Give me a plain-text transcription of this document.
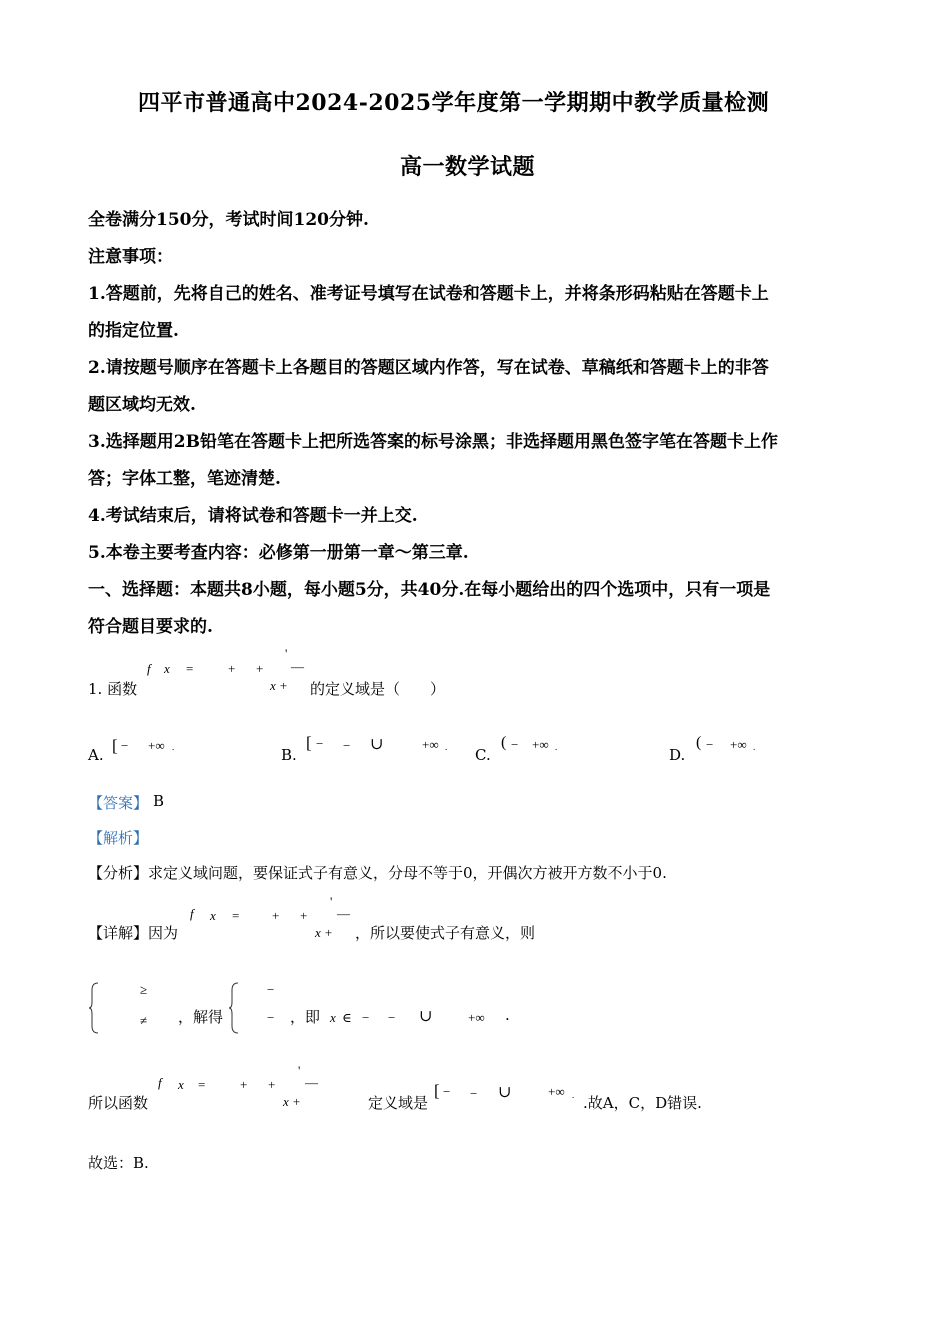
四平市普通高中2024-2025学年度第一学期期中教学质量检测
高一数学试题
全卷满分150分，考试时间120分钟.
注意事项：
1.答题前，先将自己的姓名、准考证号填写在试卷和答题卡上，并将条形码粘贴在答题卡上
的指定位置.
2.请按题号顺序在答题卡上各题目的答题区域内作答，写在试卷、草稿纸和答题卡上的非答
题区域均无效.
3.选择题用2B铅笔在答题卡上把所选答案的标号涂黑；非选择题用黑色签字笔在答题卡上作
答；字体工整，笔迹清楚.
4.考试结束后，请将试卷和答题卡一并上交.
5.本卷主要考查内容：必修第一册第一章～第三章.
一、选择题：本题共8小题，每小题5分，共40分.在每小题给出的四个选项中，只有一项是
符合题目要求的.
1. 函数
f x =	+ +
'
—
x + 的定义域是（　　）
A. [ − +∞ .	B.
[ − − ∪	+∞ . C.
( − +∞ .	D.
( − +∞ .
【答案】 B
【解析】
【分析】求定义域问题，要保证式子有意义，分母不等于0，开偶次方被开方数不小于0.
【详解】因为
f x =	+ +
'
—
x + ，所以要使式子有意义，则
≥
≠ ，解得
−
− ，即 x ∈ − − ∪	+∞ .
所以函数
f x =	+ +
'
—
x +	定义域是
[ − − ∪	+∞ . .故A，C，D错误.
故选：B.
